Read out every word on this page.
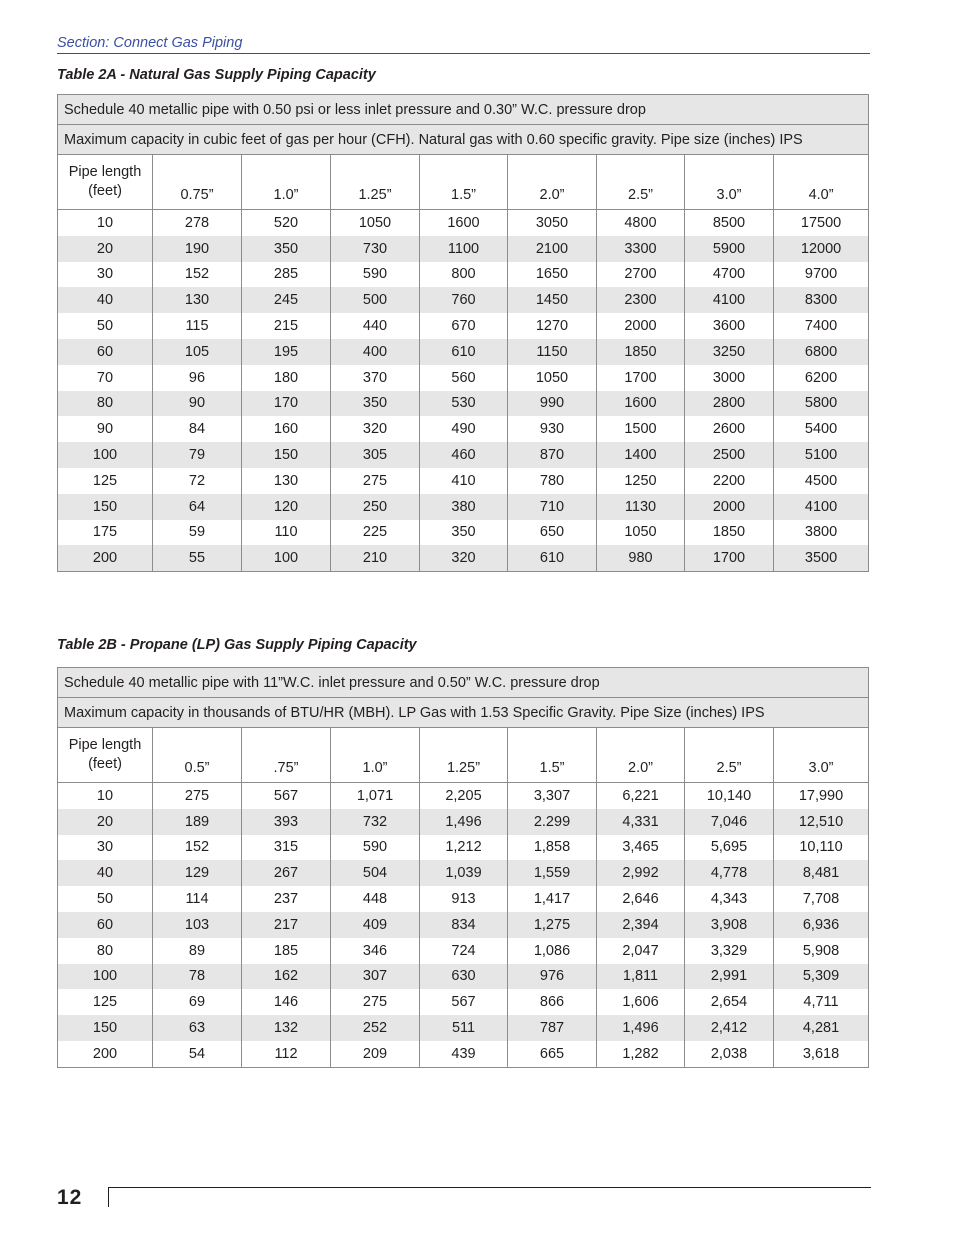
Section: Connect Gas Piping
Table 2A - Natural Gas Supply Piping Capacity
Schedule 40 metallic pipe with 0.50 psi or less inlet pressure and 0.30” W.C. pressure drop								
Maximum capacity in cubic feet of gas per hour (CFH). Natural gas with 0.60 specific gravity. Pipe size (inches) IPS								

Pipe length
(feet)	0.75”	1.0”	1.25”	1.5”	2.0”	2.5”	3.0”	4.0”
10	278	520	1050	1600	3050	4800	8500	17500
20	190	350	730	1100	2100	3300	5900	12000
30	152	285	590	800	1650	2700	4700	9700
40	130	245	500	760	1450	2300	4100	8300
50	115	215	440	670	1270	2000	3600	7400
60	105	195	400	610	1150	1850	3250	6800
70	96	180	370	560	1050	1700	3000	6200
80	90	170	350	530	990	1600	2800	5800
90	84	160	320	490	930	1500	2600	5400
100	79	150	305	460	870	1400	2500	5100
125	72	130	275	410	780	1250	2200	4500
150	64	120	250	380	710	1130	2000	4100
175	59	110	225	350	650	1050	1850	3800
200	55	100	210	320	610	980	1700	3500
Table 2B - Propane (LP) Gas Supply Piping Capacity
Schedule 40 metallic pipe with 11”W.C. inlet pressure and 0.50” W.C. pressure drop								
Maximum capacity in thousands of BTU/HR (MBH). LP Gas with 1.53 Specific Gravity. Pipe Size (inches) IPS								

Pipe length
(feet)	0.5”	.75”	1.0”	1.25”	1.5”	2.0”	2.5”	3.0”
10	275	567	1,071	2,205	3,307	6,221	10,140	17,990
20	189	393	732	1,496	2.299	4,331	7,046	12,510
30	152	315	590	1,212	1,858	3,465	5,695	10,110
40	129	267	504	1,039	1,559	2,992	4,778	8,481
50	114	237	448	913	1,417	2,646	4,343	7,708
60	103	217	409	834	1,275	2,394	3,908	6,936
80	89	185	346	724	1,086	2,047	3,329	5,908
100	78	162	307	630	976	1,811	2,991	5,309
125	69	146	275	567	866	1,606	2,654	4,711
150	63	132	252	511	787	1,496	2,412	4,281
200	54	112	209	439	665	1,282	2,038	3,618
12
